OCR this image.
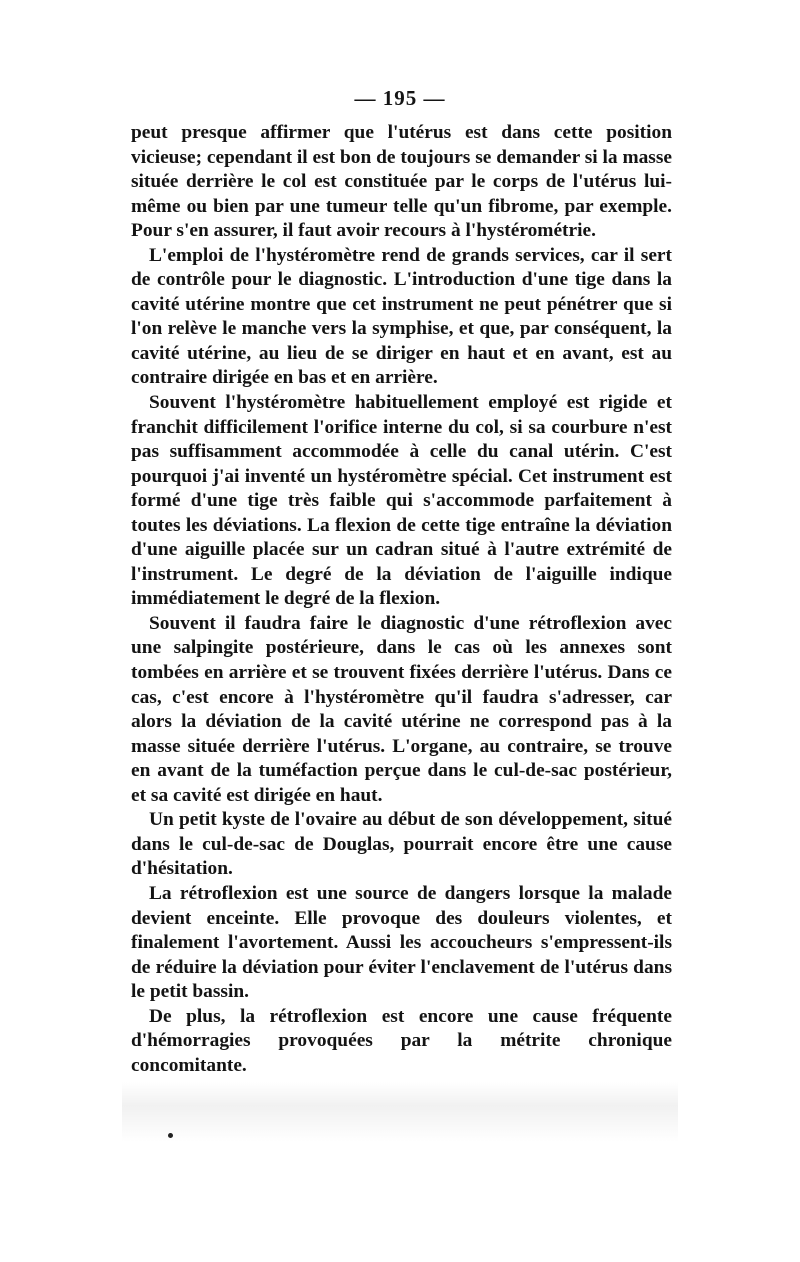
— 195 —

peut presque affirmer que l'utérus est dans cette position vicieuse; cependant il est bon de toujours se demander si la masse située derrière le col est constituée par le corps de l'utérus lui-même ou bien par une tumeur telle qu'un fibrome, par exemple. Pour s'en assurer, il faut avoir recours à l'hystérométrie.

L'emploi de l'hystéromètre rend de grands services, car il sert de contrôle pour le diagnostic. L'introduction d'une tige dans la cavité utérine montre que cet instrument ne peut pénétrer que si l'on relève le manche vers la symphise, et que, par conséquent, la cavité utérine, au lieu de se diriger en haut et en avant, est au contraire dirigée en bas et en arrière.

Souvent l'hystéromètre habituellement employé est rigide et franchit difficilement l'orifice interne du col, si sa courbure n'est pas suffisamment accommodée à celle du canal utérin. C'est pourquoi j'ai inventé un hystéromètre spécial. Cet instrument est formé d'une tige très faible qui s'accommode parfaitement à toutes les déviations. La flexion de cette tige entraîne la déviation d'une aiguille placée sur un cadran situé à l'autre extrémité de l'instrument. Le degré de la déviation de l'aiguille indique immédiatement le degré de la flexion.

Souvent il faudra faire le diagnostic d'une rétroflexion avec une salpingite postérieure, dans le cas où les annexes sont tombées en arrière et se trouvent fixées derrière l'utérus. Dans ce cas, c'est encore à l'hystéromètre qu'il faudra s'adresser, car alors la déviation de la cavité utérine ne correspond pas à la masse située derrière l'utérus. L'organe, au contraire, se trouve en avant de la tuméfaction perçue dans le cul-de-sac postérieur, et sa cavité est dirigée en haut.

Un petit kyste de l'ovaire au début de son développement, situé dans le cul-de-sac de Douglas, pourrait encore être une cause d'hésitation.

La rétroflexion est une source de dangers lorsque la malade devient enceinte. Elle provoque des douleurs violentes, et finalement l'avortement. Aussi les accoucheurs s'empressent-ils de réduire la déviation pour éviter l'enclavement de l'utérus dans le petit bassin.

De plus, la rétroflexion est encore une cause fréquente d'hémorragies provoquées par la métrite chronique concomitante.
